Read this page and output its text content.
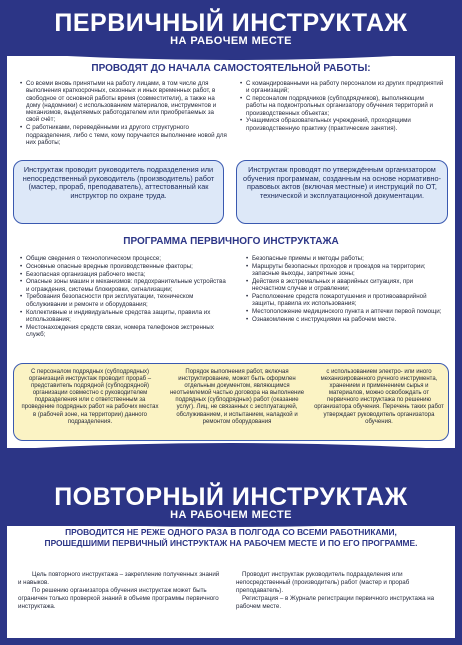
ПЕРВИЧНЫЙ ИНСТРУКТАЖ
НА РАБОЧЕМ МЕСТЕ
ПРОВОДЯТ ДО НАЧАЛА САМОСТОЯТЕЛЬНОЙ РАБОТЫ:
• Со всеми вновь принятыми на работу лицами, в том числе для выполнения краткосрочных, сезонных и иных временных работ, в свободное от основной работы время (совместители), а также на дому (надомники) с использованием материалов, инструментов и механизмов, выделяемых работодателем или приобретаемых за свой счёт;
• С работниками, переведёнными из другого структурного подразделения, либо с теми, кому поручается выполнение новой для них работы;
• С командированными на работу персоналом из других предприятий и организаций;
• С персоналом подрядчиков (субподрядчиков), выполняющим работы на подконтрольных организатору обучения территорий и производственных объектах;
• Учащимися образовательных учреждений, проходящими производственную практику (практические занятия).
Инструктаж проводит руководитель подразделения или непосредственный руководитель (производитель) работ (мастер, прораб, преподаватель), аттестованный как инструктор по охране труда.
Инструктаж проводят по утверждённым организатором обучения программам, созданным на основе нормативно-правовых актов (включая местные) и инструкций по ОТ, технической и эксплуатационной документации.
ПРОГРАММА ПЕРВИЧНОГО ИНСТРУКТАЖА
• Общие сведения о технологическом процессе;
• Основные опасные вредные производственные факторы;
• Безопасная организация рабочего места;
• Опасные зоны машин и механизмов: предохранительные устройства и ограждения, системы блокировки, сигнализации;
• Требования безопасности при эксплуатации, техническом обслуживании и ремонте и оборудования;
• Коллективные и индивидуальные средства защиты, правила их использования;
• Местонахождения средств связи, номера телефонов экстренных служб;
• Безопасные приемы и методы работы;
• Маршруты безопасных проходов и проездов на территории; запасные выходы, запретные зоны;
• Действия в экстремальных и аварийных ситуациях, при несчастном случае и отравлении;
• Расположение средств пожаротушения и противоаварийной защиты, правила их использования;
• Местоположение медицинского пункта и аптечки первой помощи;
• Ознакомление с инструкциями на рабочем месте.
С персоналом подрядных (субподрядных) организаций инструктаж проводит прораб – представитель подрядной (субподрядной) организации совместно с руководителем подразделения или с ответственным за проведение подрядных работ на рабочих местах в (рабочей зоне, на территории) данного подразделения.
Порядок выполнения работ, включая инструктирование, может быть оформлен отдельным документом, являющимся неотъемлемой частью договора на выполнение подрядных (субподрядных) работ (оказание услуг). Лиц, не связанных с эксплуатацией, обслуживанием, и испытанием, наладкой и ремонтом оборудования
с использованием электро- или иного механизированного ручного инструмента, хранением и применением сырья и материалов, можно освобождать от первичного инструктажа по решению организатора обучения. Перечень таких работ утверждает руководитель организатора обучения.
ПОВТОРНЫЙ ИНСТРУКТАЖ
НА РАБОЧЕМ МЕСТЕ
ПРОВОДИТСЯ НЕ РЕЖЕ ОДНОГО РАЗА В ПОЛГОДА СО ВСЕМИ РАБОТНИКАМИ,
ПРОШЕДШИМИ ПЕРВИЧНЫЙ ИНСТРУКТАЖ НА РАБОЧЕМ МЕСТЕ И ПО ЕГО ПРОГРАММЕ.

Цель повторного инструктажа – закрепление полученных знаний и навыков.

По решению организатора обучения инструктаж может быть ограничен только проверкой знаний в объеме программы первичного инструктажа.

Проводит инструктаж руководитель подразделения или непосредственный (производитель) работ (мастер и прораб преподаватель).

Регистрация – в Журнале регистрации первичного инструктажа на рабочем месте.
